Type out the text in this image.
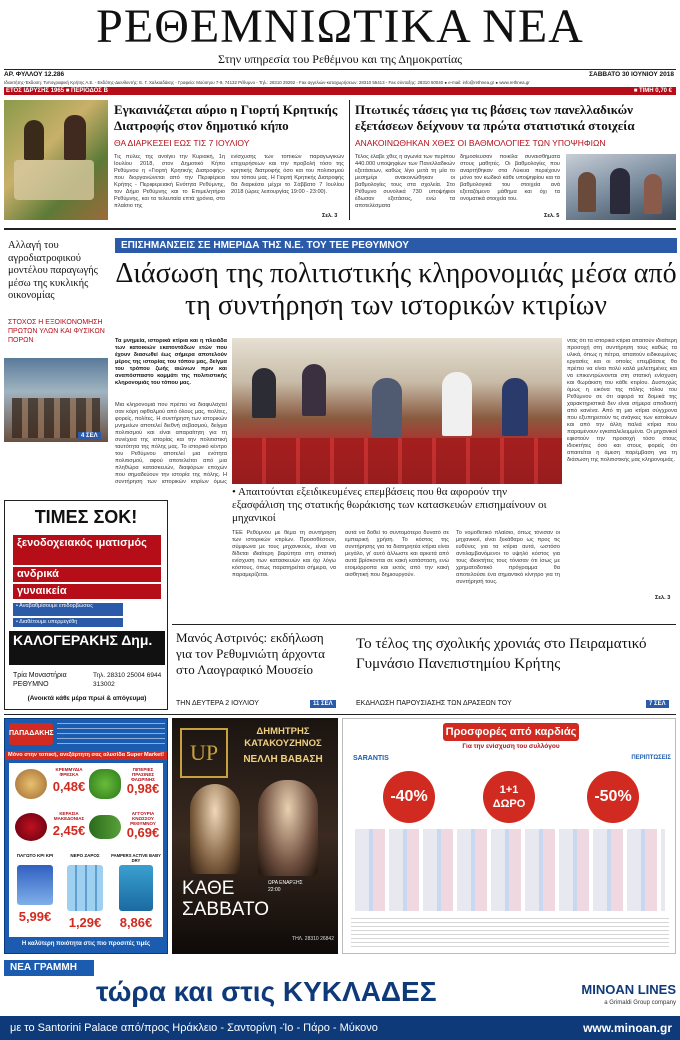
ΡΕΘΕΜΝΙΩΤΙΚΑ ΝΕΑ
Στην υπηρεσία του Ρεθέμνου και της Δημοκρατίας
ΑΡ. ΦΥΛΛΟΥ 12.286	ΣΑΒΒΑΤΟ 30 ΙΟΥΝΙΟΥ 2018
Ιδιοκτήτης-Έκδοση: Τυπογραφική Κρήτης Α.Ε. - Εκδότης-Διευθυντής: Ε. Γ. Χαλκιαδάκης - Γραφεία: Μούσηου 7-9, 74132 Ρέθυμνο - Τηλ.: 28310 29292 - Fax αγγελιών-καταχωρήσεων: 28310 55413 - Fax σύνταξης: 28310 50040 ● e-mail: info@rethnea.gr ● www.rethnea.gr
ΕΤΟΣ ΙΔΡΥΣΗΣ 1965 ■ ΠΕΡΙΟΔΟΣ Β	■ ΤΙΜΗ 0,70 €
Εγκαινιάζεται αύριο η Γιορτή Κρητικής Διατροφής στον δημοτικό κήπο
ΘΑ ΔΙΑΡΚΕΣΕΙ ΕΩΣ ΤΙΣ 7 ΙΟΥΛΙΟΥ
Τις πύλες της ανοίγει την Κυριακή, 1η Ιουλίου 2018, στον Δημοτικό Κήπο Ρεθύμνου η «Γιορτή Κρητικής Διατροφής» που διοργανώνεται από την Περιφέρεια Κρήτης - Περιφερειακή Ενότητα Ρεθύμνης, τον Δήμο Ρεθύμνης και το Επιμελητήριο Ρεθύμνης, και τα τελευταία επτά χρόνια, στο πλαίσιο της
ενίσχυσης των τοπικών παραγωγικών επιχειρήσεων και την προβολή τόσο της κρητικής διατροφής όσο και του πολιτισμού του τόπου μας. Η Γιορτή Κρητικής Διατροφής θα διαρκέσει μέχρι το Σάββατο 7 Ιουλίου 2018 (ώρες λειτουργίας 19:00 - 23:00).
Σελ. 3
Πτωτικές τάσεις για τις βάσεις των πανελλαδικών εξετάσεων δείχνουν τα πρώτα στατιστικά στοιχεία
ΑΝΑΚΟΙΝΩΘΗΚΑΝ ΧΘΕΣ ΟΙ ΒΑΘΜΟΛΟΓΙΕΣ ΤΩΝ ΥΠΟΨΗΦΙΩΝ
Τέλος έλαβε χθες η αγωνία των περίπου 440.000 υποψηφίων των Πανελλαδικών εξετάσεων, καθώς λίγο μετά τη μία το μεσημέρι ανακοινώθηκαν οι βαθμολογίες τους στα σχολεία. Στο Ρέθυμνο συνολικά 730 υποψήφιοι έδωσαν εξετάσεις, ενώ τα αποτελέσματα
δημοσίευσαν ποικίλα συναισθήματα στους μαθητές. Οι βαθμολογίες που αναρτήθηκαν στα Λύκεια περιέχουν μόνο τον κωδικό κάθε υποψηφίου και τα βαθμολογικά του στοιχεία ανά εξεταζόμενο μάθημα και όχι τα ονοματικά στοιχεία του.
Σελ. 5
Αλλαγή του αγροδιατροφικού μοντέλου παραγωγής μέσω της κυκλικής οικονομίας
ΣΤΟΧΟΣ Η ΕΞΟΙΚΟΝΟΜΗΣΗ ΠΡΩΤΩΝ ΥΛΩΝ ΚΑΙ ΦΥΣΙΚΩΝ ΠΟΡΩΝ
4 ΣΕΛ
ΕΠΙΣΗΜΑΝΣΕΙΣ ΣΕ ΗΜΕΡΙΔΑ ΤΗΣ Ν.Ε. ΤΟΥ ΤΕΕ ΡΕΘΥΜΝΟΥ
Διάσωση της πολιτιστικής κληρονομιάς μέσα από τη συντήρηση των ιστορικών κτιρίων
Τα μνημεία, ιστορικά κτίρια και η πλειάδα των κατοικιών εκατοντάδων ετών που έχουν διασωθεί έως σήμερα αποτελούν μέρος της ιστορίας του τόπου μας, δείγμα του τρόπου ζωής αιώνων πριν και αναπόσπαστο κομμάτι της πολιτιστικής κληρονομιάς του τόπου μας.
Μια κληρονομιά που πρέπει να διαφυλαχτεί σαν κόρη οφθαλμού από όλους μας, πολίτες, φορείς, πολίτες. Η συντήρηση των ιστορικών μνημείων αποτελεί διεθνή σεβασμού, δείγμα πολιτισμού και είναι απαραίτητη για τη συνέχεια της ιστορίας και την πολιτιστική ταυτότητα της πόλης μας. Το ιστορικό κέντρο του Ρεθύμνου αποτελεί μια ενότητα πολιτισμού, αφού αποτελείται από μια πληθώρα κατασκευών, διαφόρων εποχών που σημαδεύουν την ιστορία της πόλης. Η συντήρηση των ιστορικών κτιρίων όμως
ντας ότι τα ιστορικά κτίρια απαιτούν ιδιαίτερη προσοχή στη συντήρηση τους καθώς τα υλικά, όπως η πέτρα, απαιτούν ειδικευμένες εργασίες και οι οποίες επεμβάσεις θα πρέπει να είναι πολύ καλά μελετημένες και να επικεντρώνονται στη στατική ενίσχυση και θωράκιση του κάθε κτιρίου. Δυστυχώς όμως η εικόνα της πόλης τόλου του Ρεθύμνου σε ότι αφορά τα δομικά της χαρακτηριστικά δεν είναι σήμερα αποδεκτή από κανένα. Από τη μια κτίρια σύγχρονα που εξυπηρετούν τις ανάγκες των κατοίκων και από την άλλη παλιά κτίρια που παραμένουν εγκαταλελειμμένα. Οι μηχανικοί εφιστούν την προσοχή τόσο στους ιδιοκτήτες όσο και στους φορείς ότι απαιτείται η άμεση παρέμβαση για τη διάσωση της πολιτιστικής μας κληρονομιάς.
• Απαιτούνται εξειδικευμένες επεμβάσεις που θα αφορούν την εξασφάλιση της στατικής θωράκισης των κατασκευών επισημαίνουν οι μηχανικοί
ΤΕΕ Ρεθύμνου με θέμα τη συντήρηση των ιστορικών κτιρίων. Προσοθέσουν, σύμφωνα με τους μηχανικούς, είναι να δίδεται ιδιαίτερη βαρύτητα στη στατική ενίσχυση των κατασκευών και όχι λόγω κόστους, όπως παρατηρείται σήμερα, να παραμερίζεται.
αυτά να δοθεί το συντομότερο δυνατό σε εμπειρική χρήση. Το κόστος της συντήρησης για τα διατηρητέα κτίρια είναι μεγάλο, γι' αυτό άλλωστε και αρκετά από αυτά βρίσκονται σε κακή κατάσταση, ενώ ετοιμόρροπα και εκτός από την κακή αισθητική που δημιουργούν.
Το νομοθετικό πλαίσιο, όπως τόνισαν οι μηχανικοί, είναι ξεκάθαρο ως προς τις ευθύνες για τα κτίρια αυτά, ωστόσο αντιλαμβανόμενοι το υψηλό κόστος για τους ιδιοκτήτες τους τόνισαν ότι ίσως με χρηματοδοτικό πρόγραμμα θα αποτελούσε ένα σημαντικό κίνητρο για τη συντήρησή τους.
Σελ. 3
ΤΙΜΕΣ ΣΟΚ!
ξενοδοχειακός ιματισμός
ανδρικά
γυναικεία
• Αναβαθμίσουμε επιδορβώσεις
• Διαθέτουμε υπερμεγέθη
ΚΑΛΟΓΕΡΑΚΗΣ Δημ.
Τρία Μοναστήρια ΡΕΘΥΜΝΟ
Τηλ. 28310 25004 6944 313002
(Ανοικτά κάθε μέρα πρωί & απόγευμα)
Μανός Αστρινός: εκδήλωση για τον Ρεθυμνιώτη άρχοντα στο Λαογραφικό Μουσείο
ΤΗΝ ΔΕΥΤΕΡΑ 2 ΙΟΥΛΙΟΥ	11 ΣΕΛ
Το τέλος της σχολικής χρονιάς στο Πειραματικό Γυμνάσιο Πανεπιστημίου Κρήτης
ΕΚΔΗΛΩΣΗ ΠΑΡΟΥΣΙΑΣΗΣ ΤΩΝ ΔΡΑΣΕΩΝ ΤΟΥ	7 ΣΕΛ
ΠΑΠΑΔΑΚΗΣ
Μόνο στην τοπική, ανεξάρτητη σας αλυσίδα Super Market!
ΚΡΕΜΜΥΔΙΑ ΦΡΕΣΚΑ
0,48€
ΠΙΠΕΡΙΕΣ ΠΡΑΣΙΝΕΣ ΦΛΩΡΙΝΗΣ
0,98€
ΚΕΡΑΣΙΑ ΜΑΚΕΔΟΝΙΑΣ
2,45€
ΑΓΓΟΥΡΙΑ ΚΝΩΣΣΟΥ ΡΕΘΥΜΝΟΥ
0,69€
ΠΑΓΩΤΟ ΚΡΙ ΚΡΙ
5,99€
ΝΕΡΟ ΖΑΡΟΣ
1,29€
PAMPERS ACTIVE BABY DRY
8,86€
Η καλύτερη ποιότητα στις πιο προσιτές τιμές
UP
ΔΗΜΗΤΡΗΣ ΚΑΤΑΚΟΥΖΗΝΟΣ
ΝΕΛΛΗ ΒΑΒΑΣΗ
ΚΑΘΕ ΣΑΒΒΑΤΟ
ΩΡΑ ΕΝΑΡΞΗΣ 22:00
ΤΗΛ. 28310 26842
Προσφορές από καρδιάς
Για την ενίσχυση του συλλόγου
SARANTIS	ΠΕΡΙΠΤΩΣΕΙΣ
-40%	1+1 ΔΩΡΟ	-50%
ΝΕΑ ΓΡΑΜΜΗ
τώρα και στις ΚΥΚΛΑΔΕΣ	MINOAN LINES
a Grimaldi Group company
με το Santorini Palace από/προς Ηράκλειο - Σαντορίνη -Ίο - Πάρο - Μύκονο	www.minoan.gr
